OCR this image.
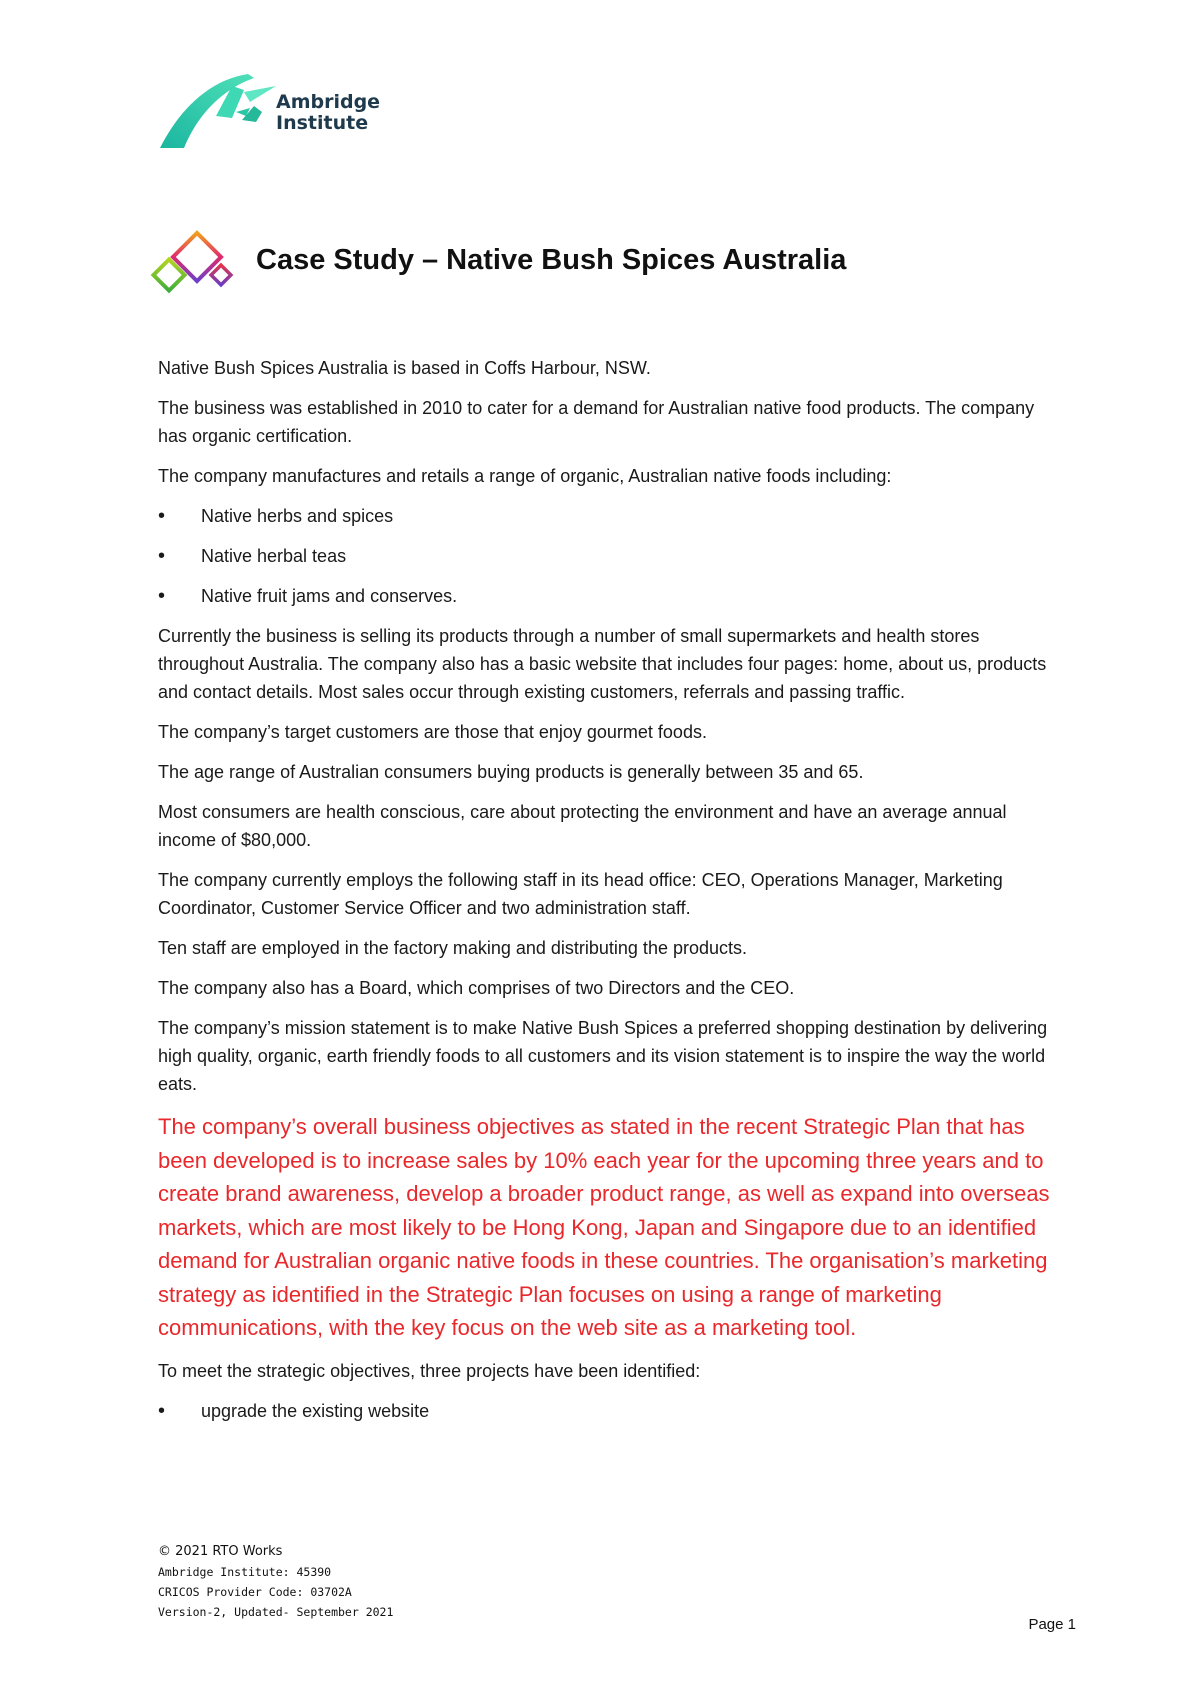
Ambridge
Institute
Case Study – Native Bush Spices Australia

Native Bush Spices Australia is based in Coffs Harbour, NSW.

The business was established in 2010 to cater for a demand for Australian native food products. The company has organic certification.

The company manufactures and retails a range of organic, Australian native foods including:

• Native herbs and spices
• Native herbal teas
• Native fruit jams and conserves.

Currently the business is selling its products through a number of small supermarkets and health stores throughout Australia. The company also has a basic website that includes four pages: home, about us, products and contact details. Most sales occur through existing customers, referrals and passing traffic.

The company’s target customers are those that enjoy gourmet foods.

The age range of Australian consumers buying products is generally between 35 and 65.

Most consumers are health conscious, care about protecting the environment and have an average annual income of $80,000.

The company currently employs the following staff in its head office: CEO, Operations Manager, Marketing Coordinator, Customer Service Officer and two administration staff.

Ten staff are employed in the factory making and distributing the products.

The company also has a Board, which comprises of two Directors and the CEO.

The company’s mission statement is to make Native Bush Spices a preferred shopping destination by delivering high quality, organic, earth friendly foods to all customers and its vision statement is to inspire the way the world eats.

The company’s overall business objectives as stated in the recent Strategic Plan that has been developed is to increase sales by 10% each year for the upcoming three years and to create brand awareness, develop a broader product range, as well as expand into overseas markets, which are most likely to be Hong Kong, Japan and Singapore due to an identified demand for Australian organic native foods in these countries. The organisation’s marketing strategy as identified in the Strategic Plan focuses on using a range of marketing communications, with the key focus on the web site as a marketing tool.

To meet the strategic objectives, three projects have been identified:

• upgrade the existing website
© 2021 RTO Works
Ambridge Institute: 45390
CRICOS Provider Code: 03702A
Version-2, Updated- September 2021
Page 1
